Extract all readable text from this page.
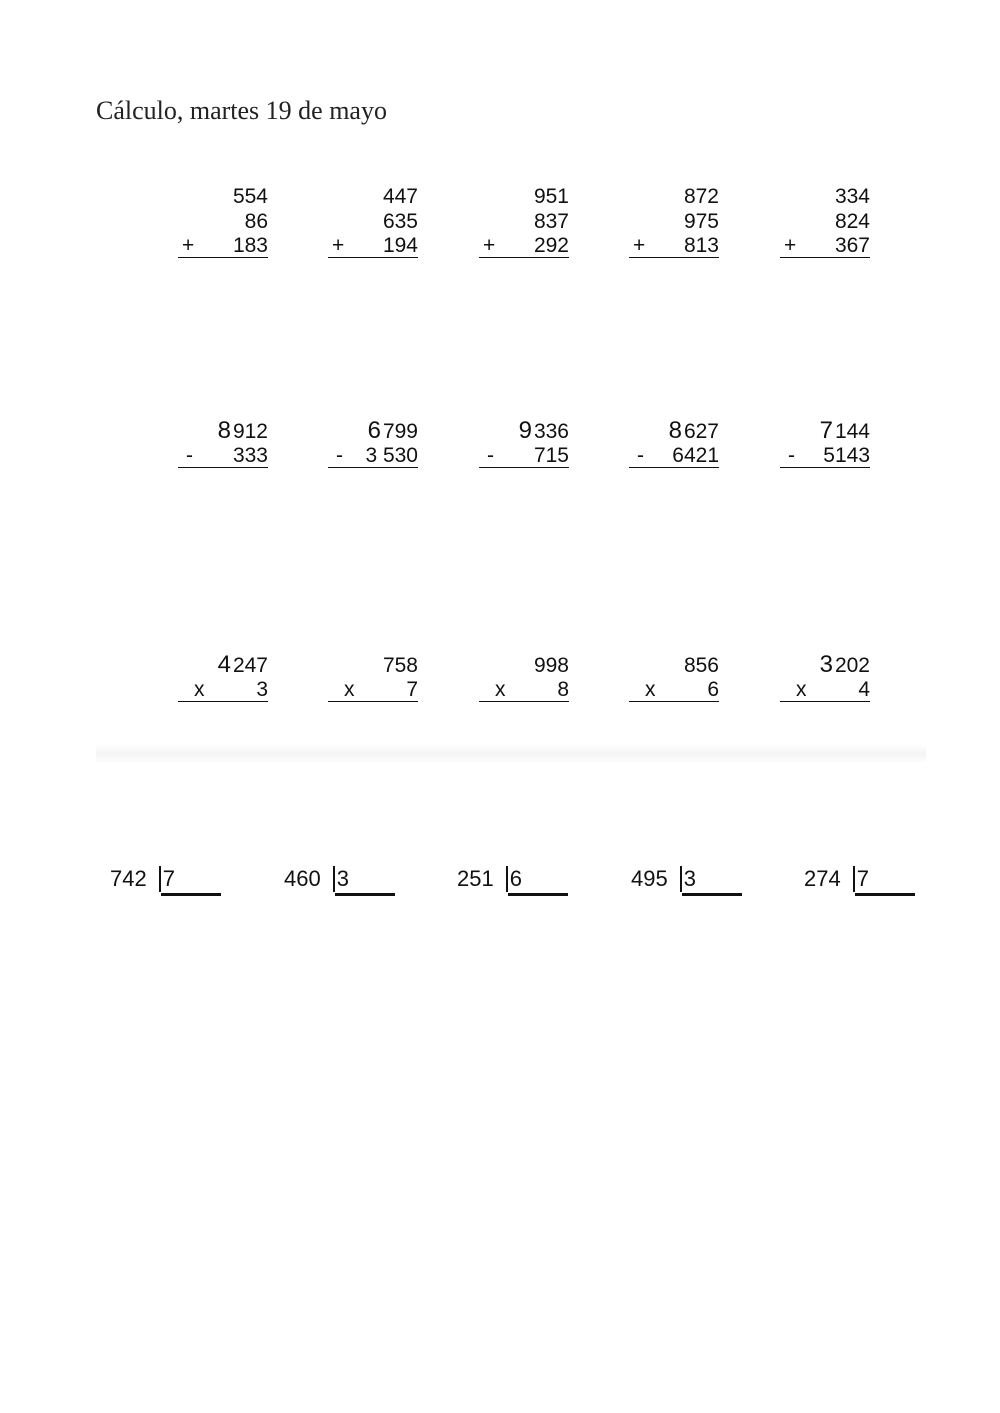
Cálculo, martes 19 de mayo
554
86
+ 183
447
635
+ 194
951
837
+ 292
872
975
+ 813
334
824
+ 367
8912
- 333
6799
- 3 530
9336
- 715
8627
- 6421
7144
- 5143
4247
x 3
758
x 7
998
x 8
856
x 6
3202
x 4
742 7	460 3	251 6	495 3	274 7
